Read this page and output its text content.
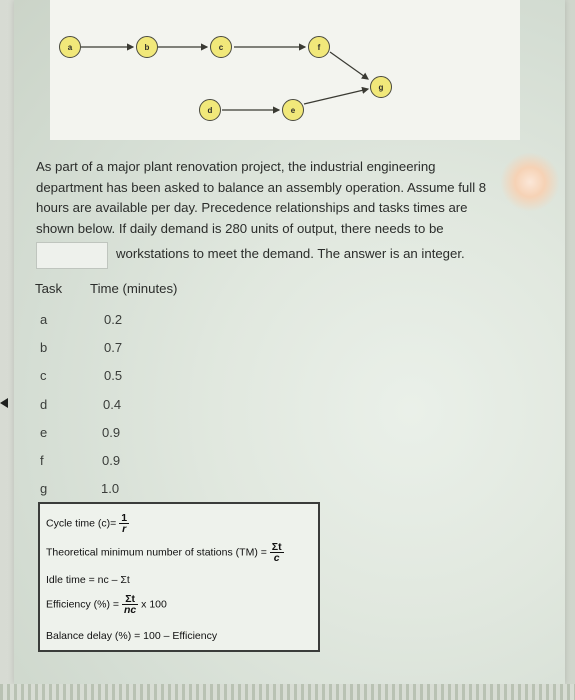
a	b	c	f
g
d	e
As part of a major plant renovation project, the industrial engineering
department has been asked to balance an assembly operation. Assume full 8
hours are available per day. Precedence relationships and tasks times are
shown below. If daily demand is 280 units of output, there needs to be
workstations to meet the demand. The answer is an integer.
Task Time (minutes)
a	0.2
b	0.7
c	0.5
d	0.4
e	0.9
f	0.9
g	1.0
Cycle time $(c)= \frac{1}{r}$
Theoretical minimum number of stations $(TM) = \frac{\Sigma t}{c}$
Idle time = nc – Σt
Efficiency (%) = $\frac{\Sigma t}{nc}$ x 100
Balance delay (%) = 100 – Efficiency
